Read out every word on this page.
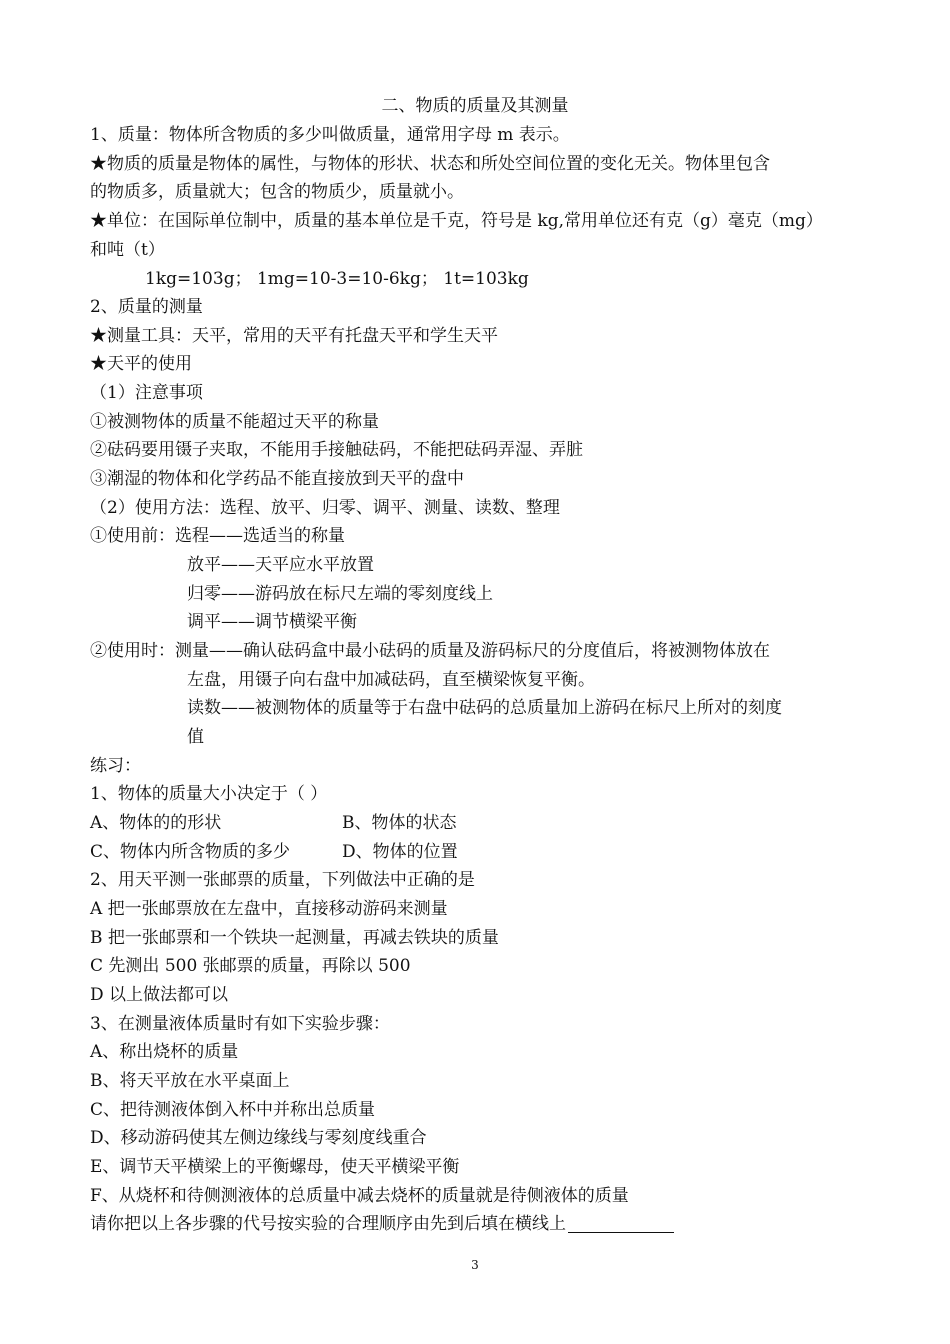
二、物质的质量及其测量
1、质量：物体所含物质的多少叫做质量，通常用字母 m 表示。
★物质的质量是物体的属性，与物体的形状、状态和所处空间位置的变化无关。物体里包含
的物质多，质量就大；包含的物质少，质量就小。
★单位：在国际单位制中，质量的基本单位是千克，符号是 kg,常用单位还有克（g）毫克（mg）
和吨（t）
1kg=103g； 1mg=10-3=10-6kg； 1t=103kg
2、质量的测量
★测量工具：天平，常用的天平有托盘天平和学生天平
★天平的使用
（1）注意事项
①被测物体的质量不能超过天平的称量
②砝码要用镊子夹取，不能用手接触砝码，不能把砝码弄湿、弄脏
③潮湿的物体和化学药品不能直接放到天平的盘中
（2）使用方法：选程、放平、归零、调平、测量、读数、整理
①使用前：选程——选适当的称量
放平——天平应水平放置
归零——游码放在标尺左端的零刻度线上
调平——调节横梁平衡
②使用时：测量——确认砝码盒中最小砝码的质量及游码标尺的分度值后，将被测物体放在
左盘，用镊子向右盘中加减砝码，直至横梁恢复平衡。
读数——被测物体的质量等于右盘中砝码的总质量加上游码在标尺上所对的刻度
值
练习：
1、物体的质量大小决定于（ ）
A、物体的的形状	B、物体的状态
C、物体内所含物质的多少	D、物体的位置
2、用天平测一张邮票的质量，下列做法中正确的是
A 把一张邮票放在左盘中，直接移动游码来测量
B 把一张邮票和一个铁块一起测量，再减去铁块的质量
C 先测出 500 张邮票的质量，再除以 500
D 以上做法都可以
3、在测量液体质量时有如下实验步骤：
A、称出烧杯的质量
B、将天平放在水平桌面上
C、把待测液体倒入杯中并称出总质量
D、移动游码使其左侧边缘线与零刻度线重合
E、调节天平横梁上的平衡螺母，使天平横梁平衡
F、从烧杯和待侧测液体的总质量中减去烧杯的质量就是待侧液体的质量
请你把以上各步骤的代号按实验的合理顺序由先到后填在横线上
3
